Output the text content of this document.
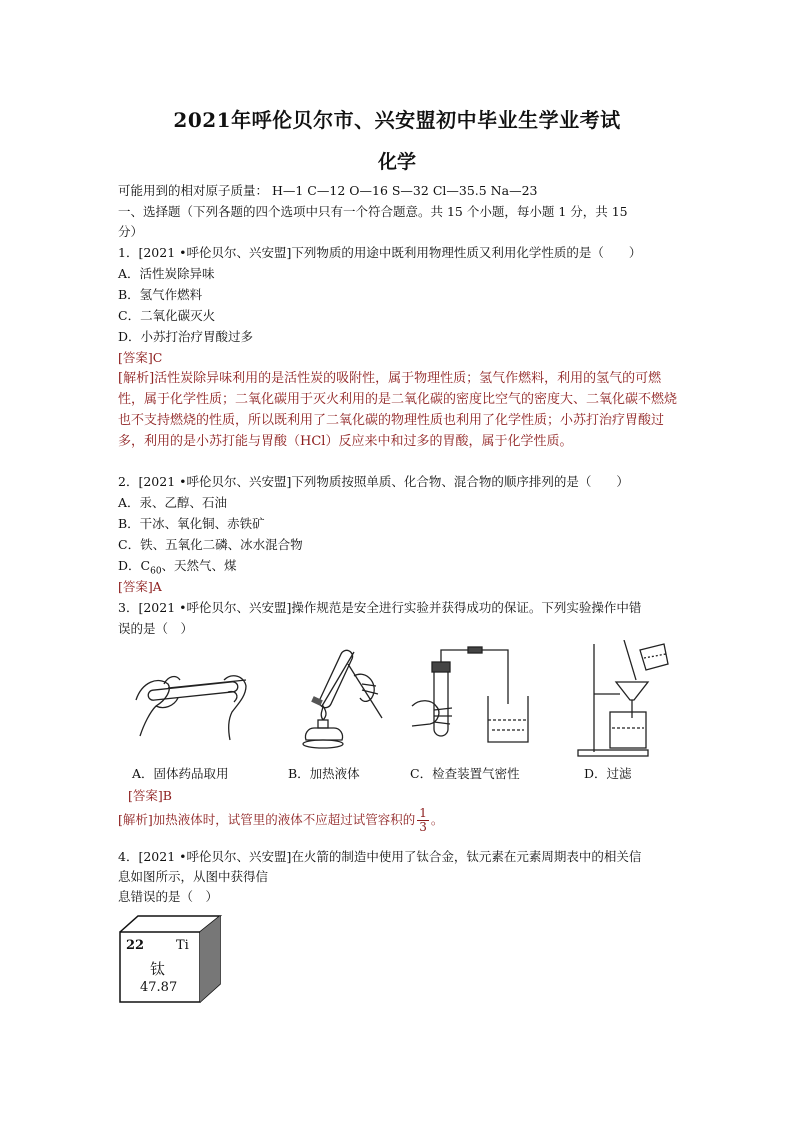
2021年呼伦贝尔市、兴安盟初中毕业生学业考试
化学
可能用到的相对原子质量： H—1 C—12 O—16 S—32 Cl—35.5 Na—23
一、选择题（下列各题的四个选项中只有一个符合题意。共 15 个小题，每小题 1 分，共 15
分）
1．[2021 •呼伦贝尔、兴安盟]下列物质的用途中既利用物理性质又利用化学性质的是（　　）
A．活性炭除异味
B．氢气作燃料
C．二氧化碳灭火
D．小苏打治疗胃酸过多
[答案]C
[解析]活性炭除异味利用的是活性炭的吸附性，属于物理性质；氢气作燃料，利用的氢气的可燃性，属于化学性质；二氧化碳用于灭火利用的是二氧化碳的密度比空气的密度大、二氧化碳不燃烧也不支持燃烧的性质，所以既利用了二氧化碳的物理性质也利用了化学性质；小苏打治疗胃酸过多，利用的是小苏打能与胃酸（HCl）反应来中和过多的胃酸，属于化学性质。
2．[2021 •呼伦贝尔、兴安盟]下列物质按照单质、化合物、混合物的顺序排列的是（　　）
A．汞、乙醇、石油
B．干冰、氧化铜、赤铁矿
C．铁、五氧化二磷、冰水混合物
D．$C_{60}$、天然气、煤
[答案]A
3．[2021 •呼伦贝尔、兴安盟]操作规范是安全进行实验并获得成功的保证。下列实验操作中错
误的是（　）
A．固体药品取用	B．加热液体	C．检查装置气密性	D．过滤
[答案]B
[解析]加热液体时，试管里的液体不应超过试管容积的 $\frac{1}{3}$ 。
4．[2021 •呼伦贝尔、兴安盟]在火箭的制造中使用了钛合金，钛元素在元素周期表中的相关信
息如图所示，从图中获得信
息错误的是（　）
22 Ti
钛
47.87
